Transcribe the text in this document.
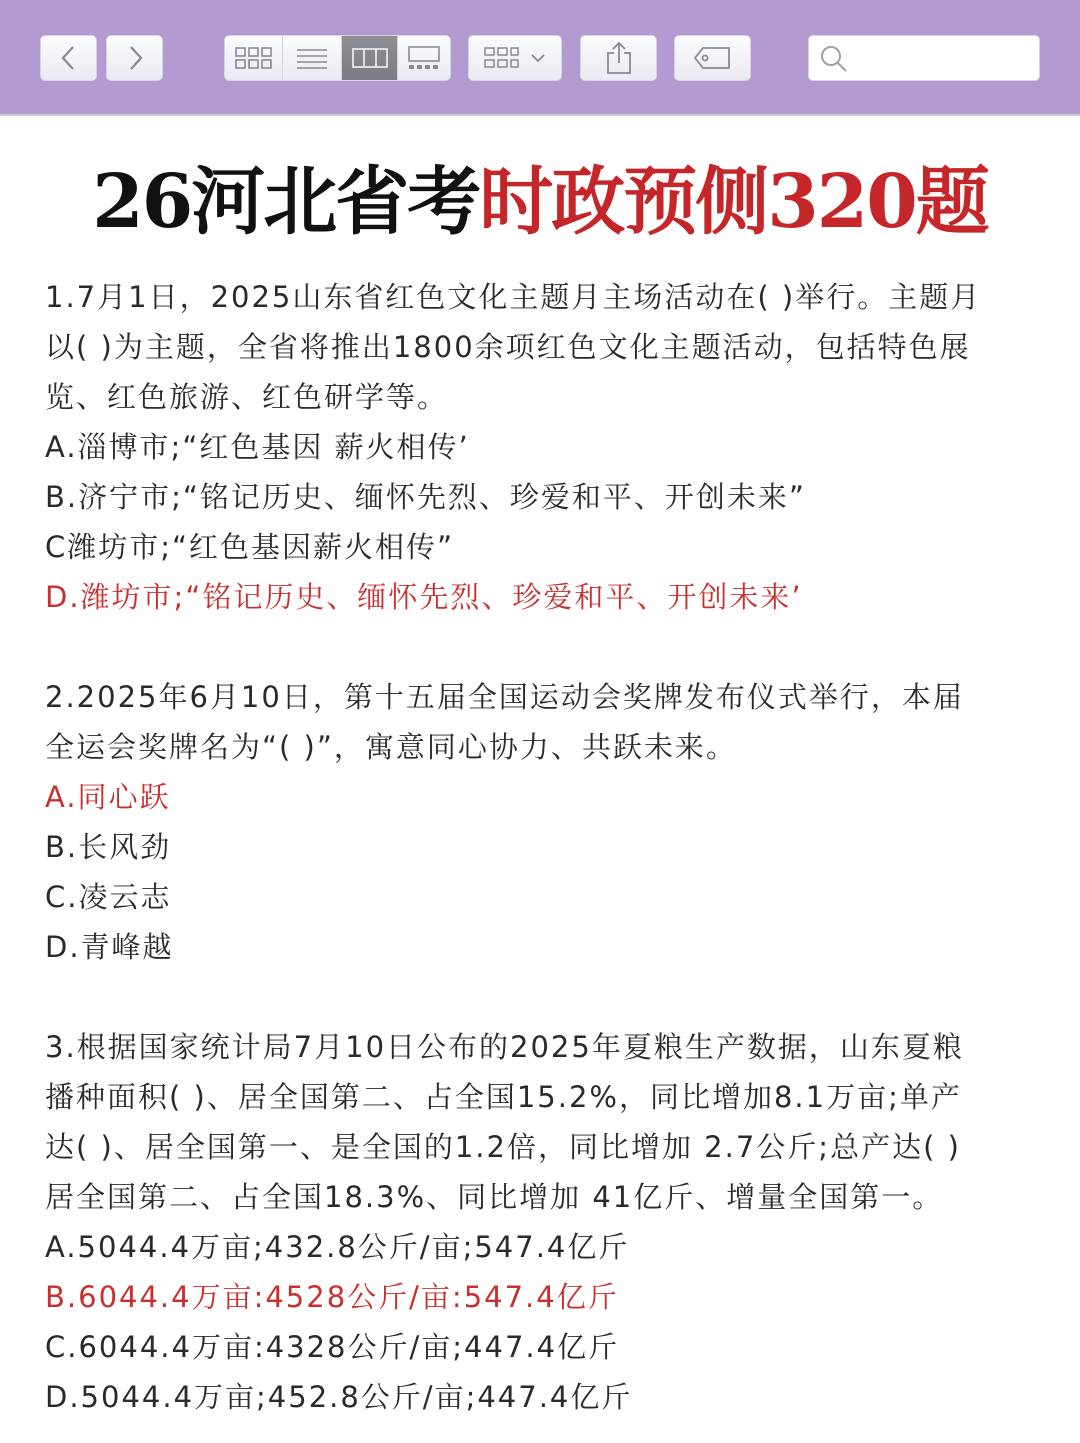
26河北省考时政预侧320题

1.7月1日，2025山东省红色文化主题月主场活动在( )举行。主题月

以( )为主题，全省将推出1800余项红色文化主题活动，包括特色展

览、红色旅游、红色研学等。

A.淄博市;“红色基因 薪火相传’

B.济宁市;“铭记历史、缅怀先烈、珍爱和平、开创未来”

C潍坊市;“红色基因薪火相传”

D.潍坊市;“铭记历史、缅怀先烈、珍爱和平、开创未来’

2.2025年6月10日，第十五届全国运动会奖牌发布仪式举行，本届

全运会奖牌名为“( )”，寓意同心协力、共跃未来。

A.同心跃

B.长风劲

C.凌云志

D.青峰越

3.根据国家统计局7月10日公布的2025年夏粮生产数据，山东夏粮

播种面积( )、居全国第二、占全国15.2%，同比增加8.1万亩;单产

达( )、居全国第一、是全国的1.2倍，同比增加 2.7公斤;总产达( )

居全国第二、占全国18.3%、同比增加 41亿斤、增量全国第一。

A.5044.4万亩;432.8公斤/亩;547.4亿斤

B.6044.4万亩:4528公斤/亩:547.4亿斤

C.6044.4万亩:4328公斤/亩;447.4亿斤

D.5044.4万亩;452.8公斤/亩;447.4亿斤
